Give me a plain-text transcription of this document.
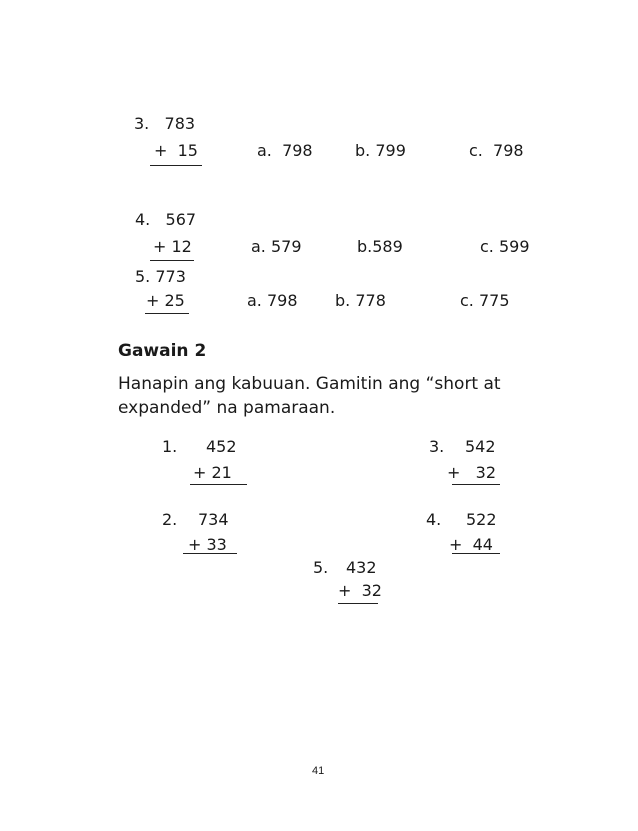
3.   783
+  15	a.  798	b. 799	c.  798
4.   567
+ 12	a. 579	b.589	c. 599
5. 773
+ 25	a. 798 b. 778	c. 775
Gawain 2
Hanapin ang kabuuan. Gamitin ang “short at expanded” na pamaraan.
1. 452
+ 21
3. 542
+   32
2. 734
+ 33
4. 522
+  44
5. 432
+  32
41
